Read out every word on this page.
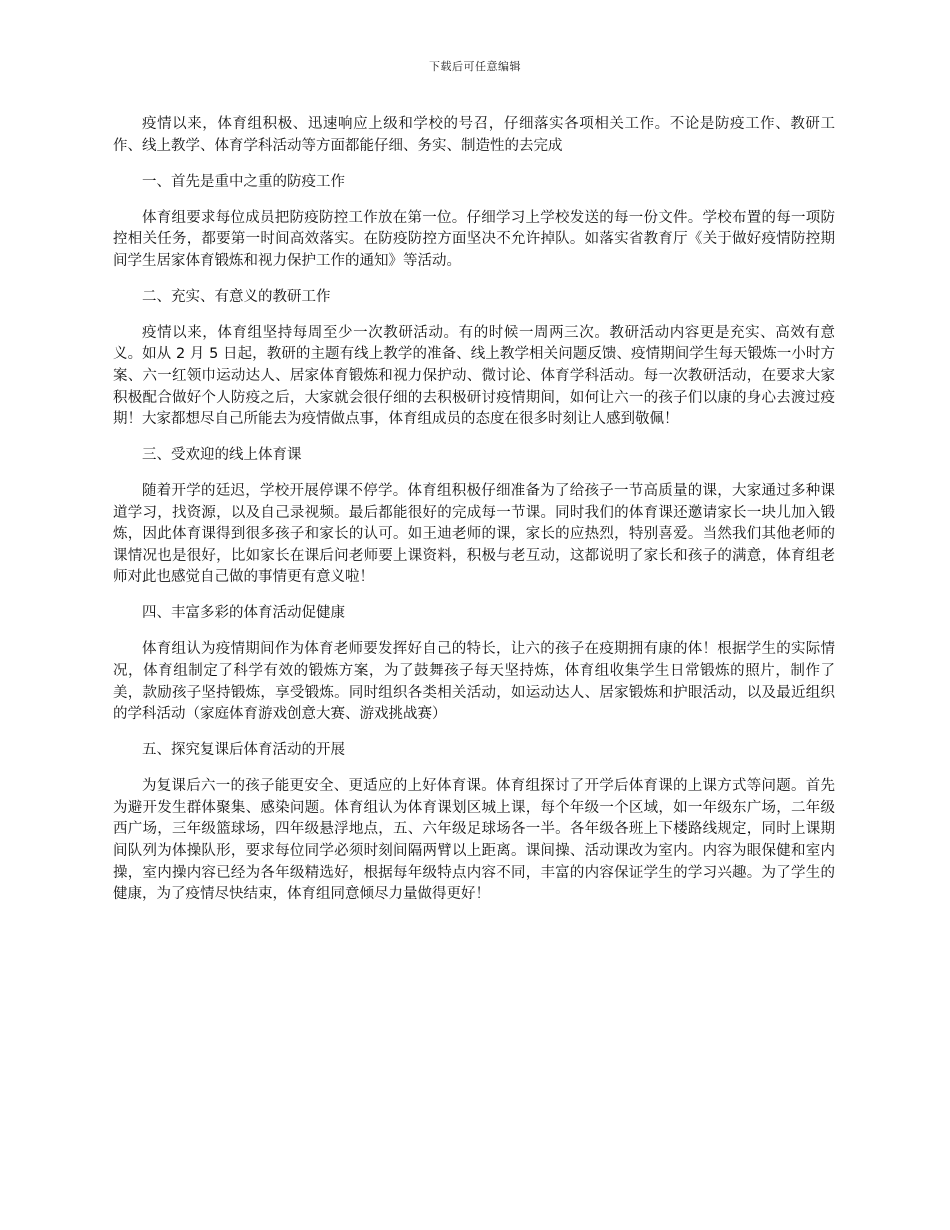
下载后可任意编辑

疫情以来，体育组积极、迅速响应上级和学校的号召，仔细落实各项相关工作。不论是防疫工作、教研工作、线上教学、体育学科活动等方面都能仔细、务实、制造性的去完成

一、首先是重中之重的防疫工作

体育组要求每位成员把防疫防控工作放在第一位。仔细学习上学校发送的每一份文件。学校布置的每一项防控相关任务，都要第一时间高效落实。在防疫防控方面坚决不允许掉队。如落实省教育厅《关于做好疫情防控期间学生居家体育锻炼和视力保护工作的通知》等活动。

二、充实、有意义的教研工作

疫情以来，体育组坚持每周至少一次教研活动。有的时候一周两三次。教研活动内容更是充实、高效有意义。如从 2 月 5 日起，教研的主题有线上教学的准备、线上教学相关问题反馈、疫情期间学生每天锻炼一小时方案、六一红领巾运动达人、居家体育锻炼和视力保护动、微讨论、体育学科活动。每一次教研活动，在要求大家积极配合做好个人防疫之后，大家就会很仔细的去积极研讨疫情期间，如何让六一的孩子们以康的身心去渡过疫期！大家都想尽自己所能去为疫情做点事，体育组成员的态度在很多时刻让人感到敬佩！

三、受欢迎的线上体育课

随着开学的廷迟，学校开展停课不停学。体育组积极仔细准备为了给孩子一节高质量的课，大家通过多种课道学习，找资源，以及自己录视频。最后都能很好的完成每一节课。同时我们的体育课还邀请家长一块儿加入锻炼，因此体育课得到很多孩子和家长的认可。如王迪老师的课，家长的应热烈，特别喜爱。当然我们其他老师的课情况也是很好，比如家长在课后问老师要上课资料，积极与老互动，这都说明了家长和孩子的满意，体育组老师对此也感觉自己做的事情更有意义啦！

四、丰富多彩的体育活动促健康

体育组认为疫情期间作为体育老师要发挥好自己的特长，让六的孩子在疫期拥有康的体！根据学生的实际情况，体育组制定了科学有效的锻炼方案，为了鼓舞孩子每天坚持炼，体育组收集学生日常锻炼的照片，制作了美，款励孩子坚持锻炼，享受锻炼。同时组织各类相关活动，如运动达人、居家锻炼和护眼活动，以及最近组织的学科活动（家庭体育游戏创意大赛、游戏挑战赛）

五、探究复课后体育活动的开展

为复课后六一的孩子能更安全、更适应的上好体育课。体育组探讨了开学后体育课的上课方式等问题。首先为避开发生群体聚集、感染问题。体育组认为体育课划区城上课，每个年级一个区域，如一年级东广场，二年级西广场，三年级篮球场，四年级悬浮地点，五、六年级足球场各一半。各年级各班上下楼路线规定，同时上课期间队列为体操队形，要求每位同学必须时刻间隔两臂以上距离。课间操、活动课改为室内。内容为眼保健和室内操，室内操内容已经为各年级精选好，根据每年级特点内容不同，丰富的内容保证学生的学习兴趣。为了学生的健康，为了疫情尽快结束，体育组同意倾尽力量做得更好！
